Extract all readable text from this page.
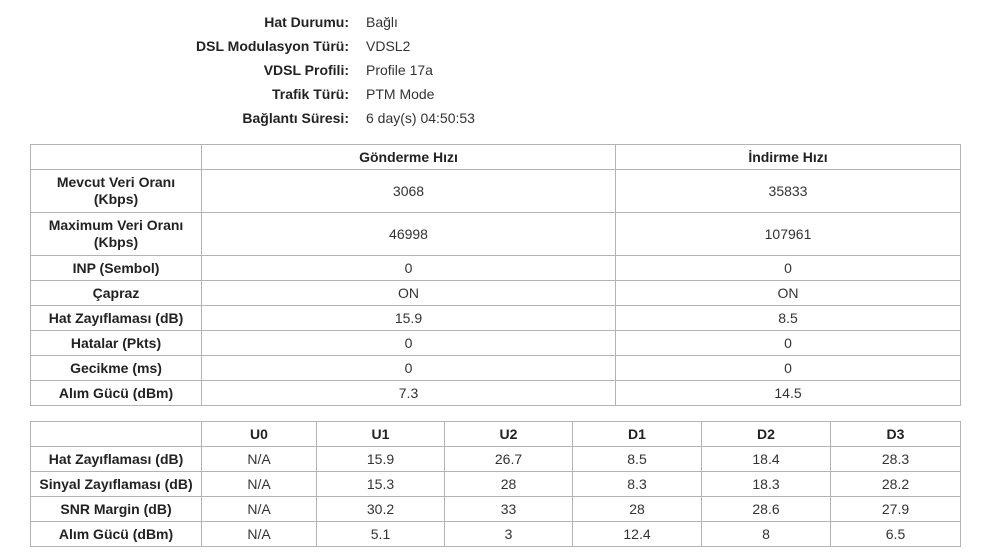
Hat Durumu: Bağlı
DSL Modulasyon Türü: VDSL2
VDSL Profili: Profile 17a
Trafik Türü: PTM Mode
Bağlantı Süresi: 6 day(s) 04:50:53
	Gönderme Hızı	İndirme Hızı
Mevcut Veri Oranı
(Kbps)	3068	35833
Maximum Veri Oranı
(Kbps)	46998	107961
INP (Sembol)	0	0
Çapraz	ON	ON
Hat Zayıflaması (dB)	15.9	8.5
Hatalar (Pkts)	0	0
Gecikme (ms)	0	0
Alım Gücü (dBm)	7.3	14.5
	U0	U1	U2	D1	D2	D3
Hat Zayıflaması (dB)	N/A	15.9	26.7	8.5	18.4	28.3
Sinyal Zayıflaması (dB)	N/A	15.3	28	8.3	18.3	28.2
SNR Margin (dB)	N/A	30.2	33	28	28.6	27.9
Alım Gücü (dBm)	N/A	5.1	3	12.4	8	6.5
